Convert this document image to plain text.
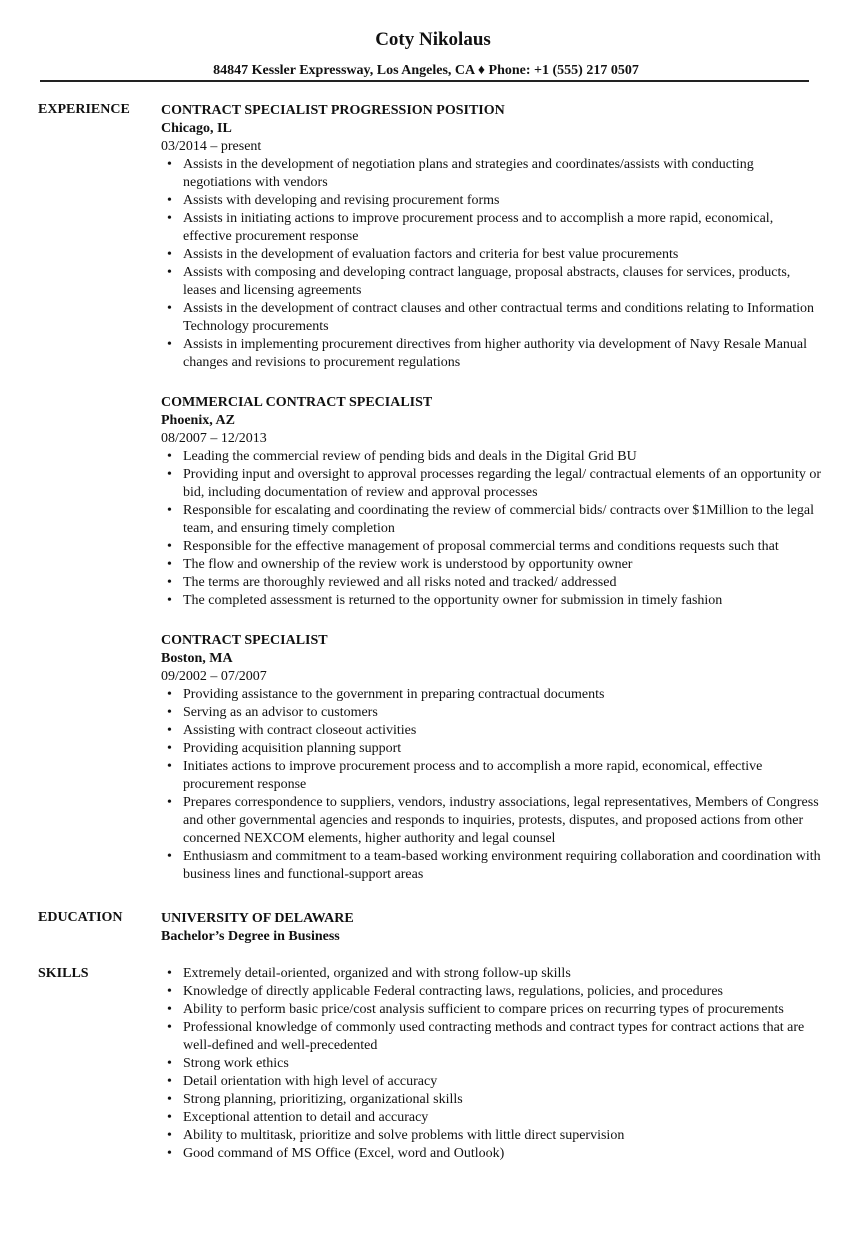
Coty Nikolaus
84847 Kessler Expressway, Los Angeles, CA ♦ Phone: +1 (555) 217 0507
EXPERIENCE
EDUCATION
SKILLS
CONTRACT SPECIALIST PROGRESSION POSITION
Chicago, IL
03/2014 – present
• Assists in the development of negotiation plans and strategies and coordinates/assists with conducting negotiations with vendors
• Assists with developing and revising procurement forms
• Assists in initiating actions to improve procurement process and to accomplish a more rapid, economical, effective procurement response
• Assists in the development of evaluation factors and criteria for best value procurements
• Assists with composing and developing contract language, proposal abstracts, clauses for services, products, leases and licensing agreements
• Assists in the development of contract clauses and other contractual terms and conditions relating to Information Technology procurements
• Assists in implementing procurement directives from higher authority via development of Navy Resale Manual changes and revisions to procurement regulations
COMMERCIAL CONTRACT SPECIALIST
Phoenix, AZ
08/2007 – 12/2013
• Leading the commercial review of pending bids and deals in the Digital Grid BU
• Providing input and oversight to approval processes regarding the legal/ contractual elements of an opportunity or bid, including documentation of review and approval processes
• Responsible for escalating and coordinating the review of commercial bids/ contracts over $1Million to the legal team, and ensuring timely completion
• Responsible for the effective management of proposal commercial terms and conditions requests such that
• The flow and ownership of the review work is understood by opportunity owner
• The terms are thoroughly reviewed and all risks noted and tracked/ addressed
• The completed assessment is returned to the opportunity owner for submission in timely fashion
CONTRACT SPECIALIST
Boston, MA
09/2002 – 07/2007
• Providing assistance to the government in preparing contractual documents
• Serving as an advisor to customers
• Assisting with contract closeout activities
• Providing acquisition planning support
• Initiates actions to improve procurement process and to accomplish a more rapid, economical, effective procurement response
• Prepares correspondence to suppliers, vendors, industry associations, legal representatives, Members of Congress and other governmental agencies and responds to inquiries, protests, disputes, and proposed actions from other concerned NEXCOM elements, higher authority and legal counsel
• Enthusiasm and commitment to a team-based working environment requiring collaboration and coordination with business lines and functional-support areas
UNIVERSITY OF DELAWARE
Bachelor’s Degree in Business
• Extremely detail-oriented, organized and with strong follow-up skills
• Knowledge of directly applicable Federal contracting laws, regulations, policies, and procedures
• Ability to perform basic price/cost analysis sufficient to compare prices on recurring types of procurements
• Professional knowledge of commonly used contracting methods and contract types for contract actions that are well-defined and well-precedented
• Strong work ethics
• Detail orientation with high level of accuracy
• Strong planning, prioritizing, organizational skills
• Exceptional attention to detail and accuracy
• Ability to multitask, prioritize and solve problems with little direct supervision
• Good command of MS Office (Excel, word and Outlook)
